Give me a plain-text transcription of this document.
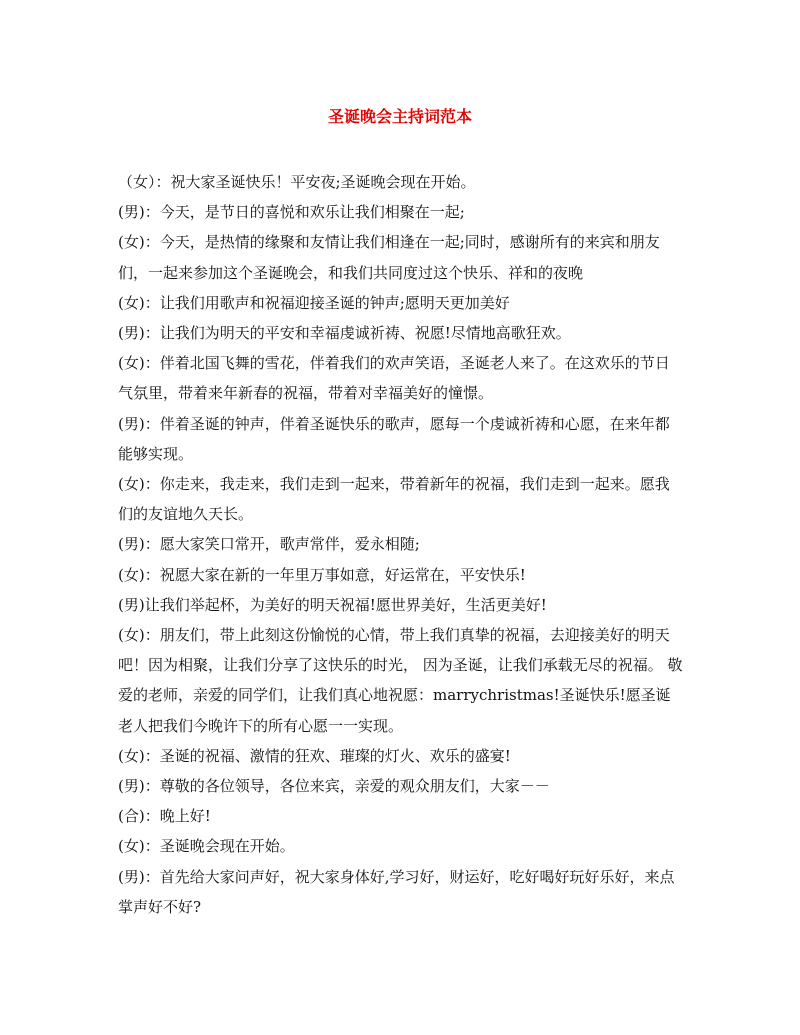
圣诞晚会主持词范本

（女）：祝大家圣诞快乐！平安夜;圣诞晚会现在开始。

(男)：今天，是节日的喜悦和欢乐让我们相聚在一起;

(女)：今天，是热情的缘聚和友情让我们相逢在一起;同时，感谢所有的来宾和朋友们，一起来参加这个圣诞晚会，和我们共同度过这个快乐、祥和的夜晚

(女)：让我们用歌声和祝福迎接圣诞的钟声;愿明天更加美好

(男)：让我们为明天的平安和幸福虔诚祈祷、祝愿!尽情地高歌狂欢。

(女)：伴着北国飞舞的雪花，伴着我们的欢声笑语，圣诞老人来了。在这欢乐的节日气氛里，带着来年新春的祝福，带着对幸福美好的憧憬。

(男)：伴着圣诞的钟声，伴着圣诞快乐的歌声，愿每一个虔诚祈祷和心愿，在来年都能够实现。

(女)：你走来，我走来，我们走到一起来，带着新年的祝福，我们走到一起来。愿我们的友谊地久天长。

(男)：愿大家笑口常开，歌声常伴，爱永相随;

(女)：祝愿大家在新的一年里万事如意，好运常在，平安快乐!

(男)让我们举起杯，为美好的明天祝福!愿世界美好，生活更美好!

(女)：朋友们，带上此刻这份愉悦的心情，带上我们真挚的祝福，去迎接美好的明天吧！因为相聚，让我们分享了这快乐的时光， 因为圣诞，让我们承载无尽的祝福。 敬爱的老师，亲爱的同学们，让我们真心地祝愿：marrychristmas!圣诞快乐!愿圣诞老人把我们今晚许下的所有心愿一一实现。

(女)：圣诞的祝福、激情的狂欢、璀璨的灯火、欢乐的盛宴!

(男)：尊敬的各位领导，各位来宾，亲爱的观众朋友们，大家－－

(合)：晚上好!

(女)：圣诞晚会现在开始。

(男)：首先给大家问声好，祝大家身体好,学习好，财运好，吃好喝好玩好乐好，来点掌声好不好?
